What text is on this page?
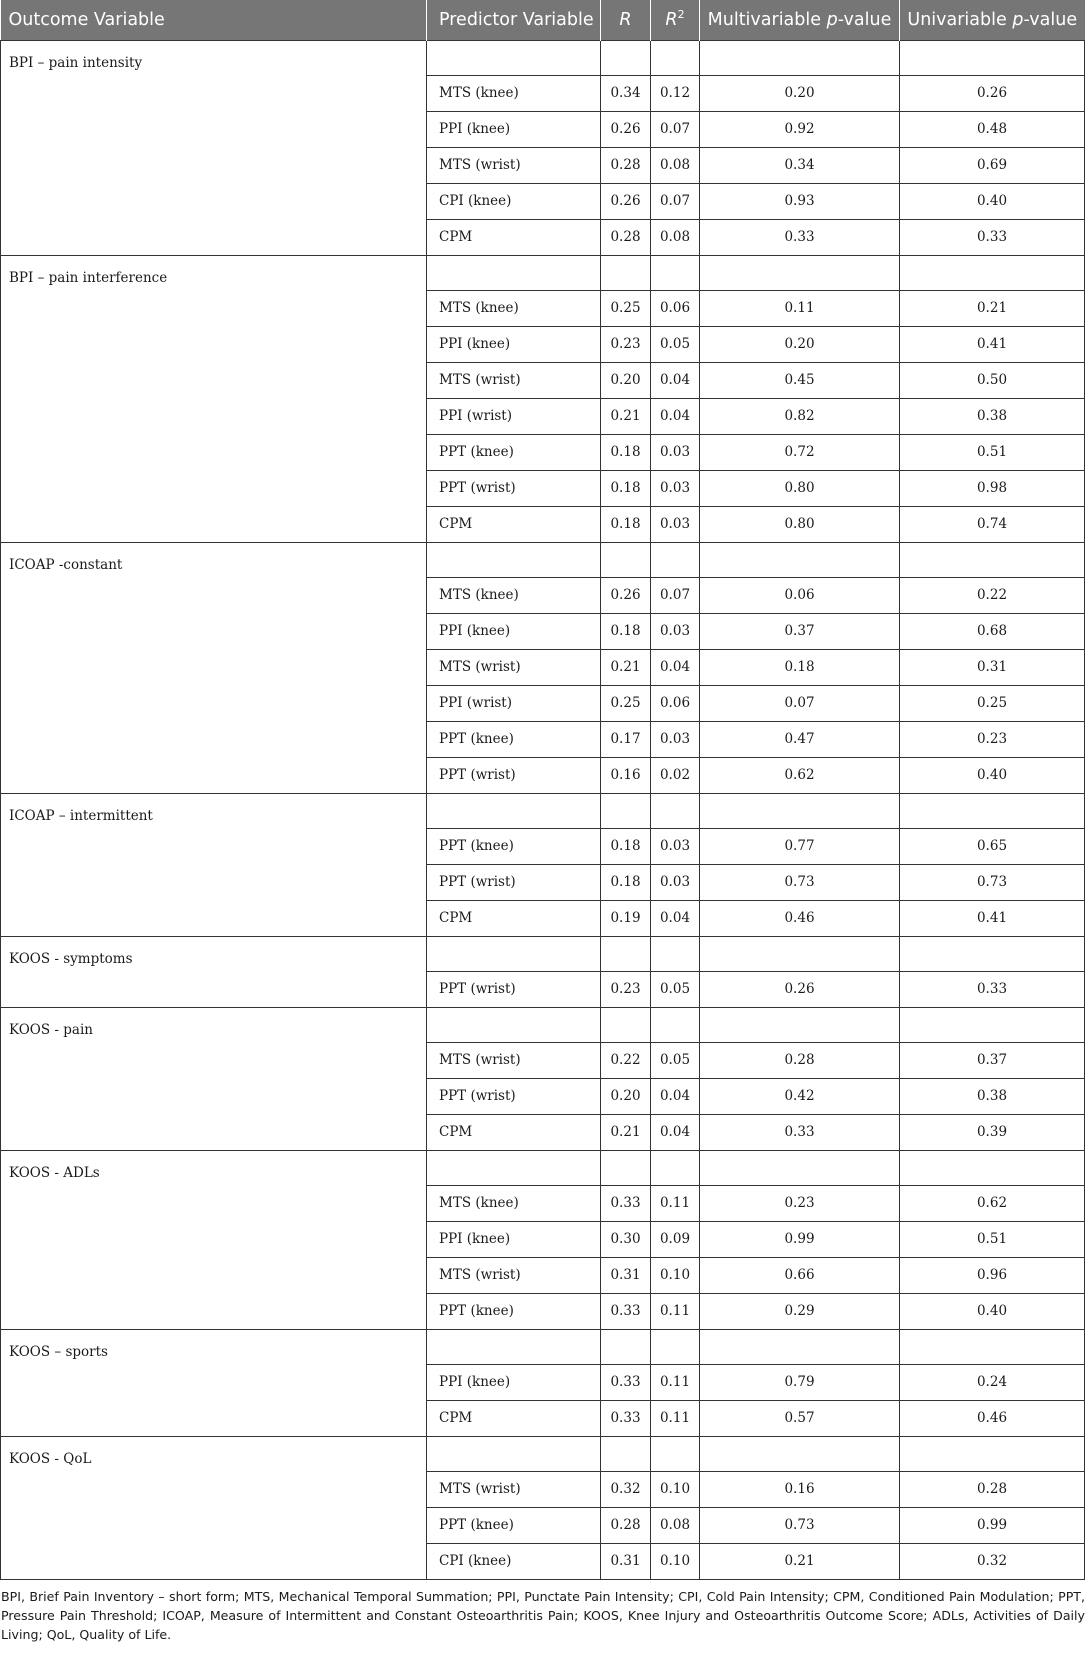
Outcome Variable	Predictor Variable	R	$R^2$	Multivariable p-value	Univariable p-value
BPI – pain intensity					
	MTS (knee)	0.34	0.12	0.20	0.26
	PPI (knee)	0.26	0.07	0.92	0.48
	MTS (wrist)	0.28	0.08	0.34	0.69
	CPI (knee)	0.26	0.07	0.93	0.40
	CPM	0.28	0.08	0.33	0.33
BPI – pain interference					
	MTS (knee)	0.25	0.06	0.11	0.21
	PPI (knee)	0.23	0.05	0.20	0.41
	MTS (wrist)	0.20	0.04	0.45	0.50
	PPI (wrist)	0.21	0.04	0.82	0.38
	PPT (knee)	0.18	0.03	0.72	0.51
	PPT (wrist)	0.18	0.03	0.80	0.98
	CPM	0.18	0.03	0.80	0.74
ICOAP -constant					
	MTS (knee)	0.26	0.07	0.06	0.22
	PPI (knee)	0.18	0.03	0.37	0.68
	MTS (wrist)	0.21	0.04	0.18	0.31
	PPI (wrist)	0.25	0.06	0.07	0.25
	PPT (knee)	0.17	0.03	0.47	0.23
	PPT (wrist)	0.16	0.02	0.62	0.40
ICOAP – intermittent					
	PPT (knee)	0.18	0.03	0.77	0.65
	PPT (wrist)	0.18	0.03	0.73	0.73
	CPM	0.19	0.04	0.46	0.41
KOOS - symptoms					
	PPT (wrist)	0.23	0.05	0.26	0.33
KOOS - pain					
	MTS (wrist)	0.22	0.05	0.28	0.37
	PPT (wrist)	0.20	0.04	0.42	0.38
	CPM	0.21	0.04	0.33	0.39
KOOS - ADLs					
	MTS (knee)	0.33	0.11	0.23	0.62
	PPI (knee)	0.30	0.09	0.99	0.51
	MTS (wrist)	0.31	0.10	0.66	0.96
	PPT (knee)	0.33	0.11	0.29	0.40
KOOS – sports					
	PPI (knee)	0.33	0.11	0.79	0.24
	CPM	0.33	0.11	0.57	0.46
KOOS - QoL					
	MTS (wrist)	0.32	0.10	0.16	0.28
	PPT (knee)	0.28	0.08	0.73	0.99
	CPI (knee)	0.31	0.10	0.21	0.32

BPI, Brief Pain Inventory – short form; MTS, Mechanical Temporal Summation; PPI, Punctate Pain Intensity; CPI, Cold Pain Intensity; CPM, Conditioned Pain Modulation; PPT, Pressure Pain Threshold; ICOAP, Measure of Intermittent and Constant Osteoarthritis Pain; KOOS, Knee Injury and Osteoarthritis Outcome Score; ADLs, Activities of Daily Living; QoL, Quality of Life.
